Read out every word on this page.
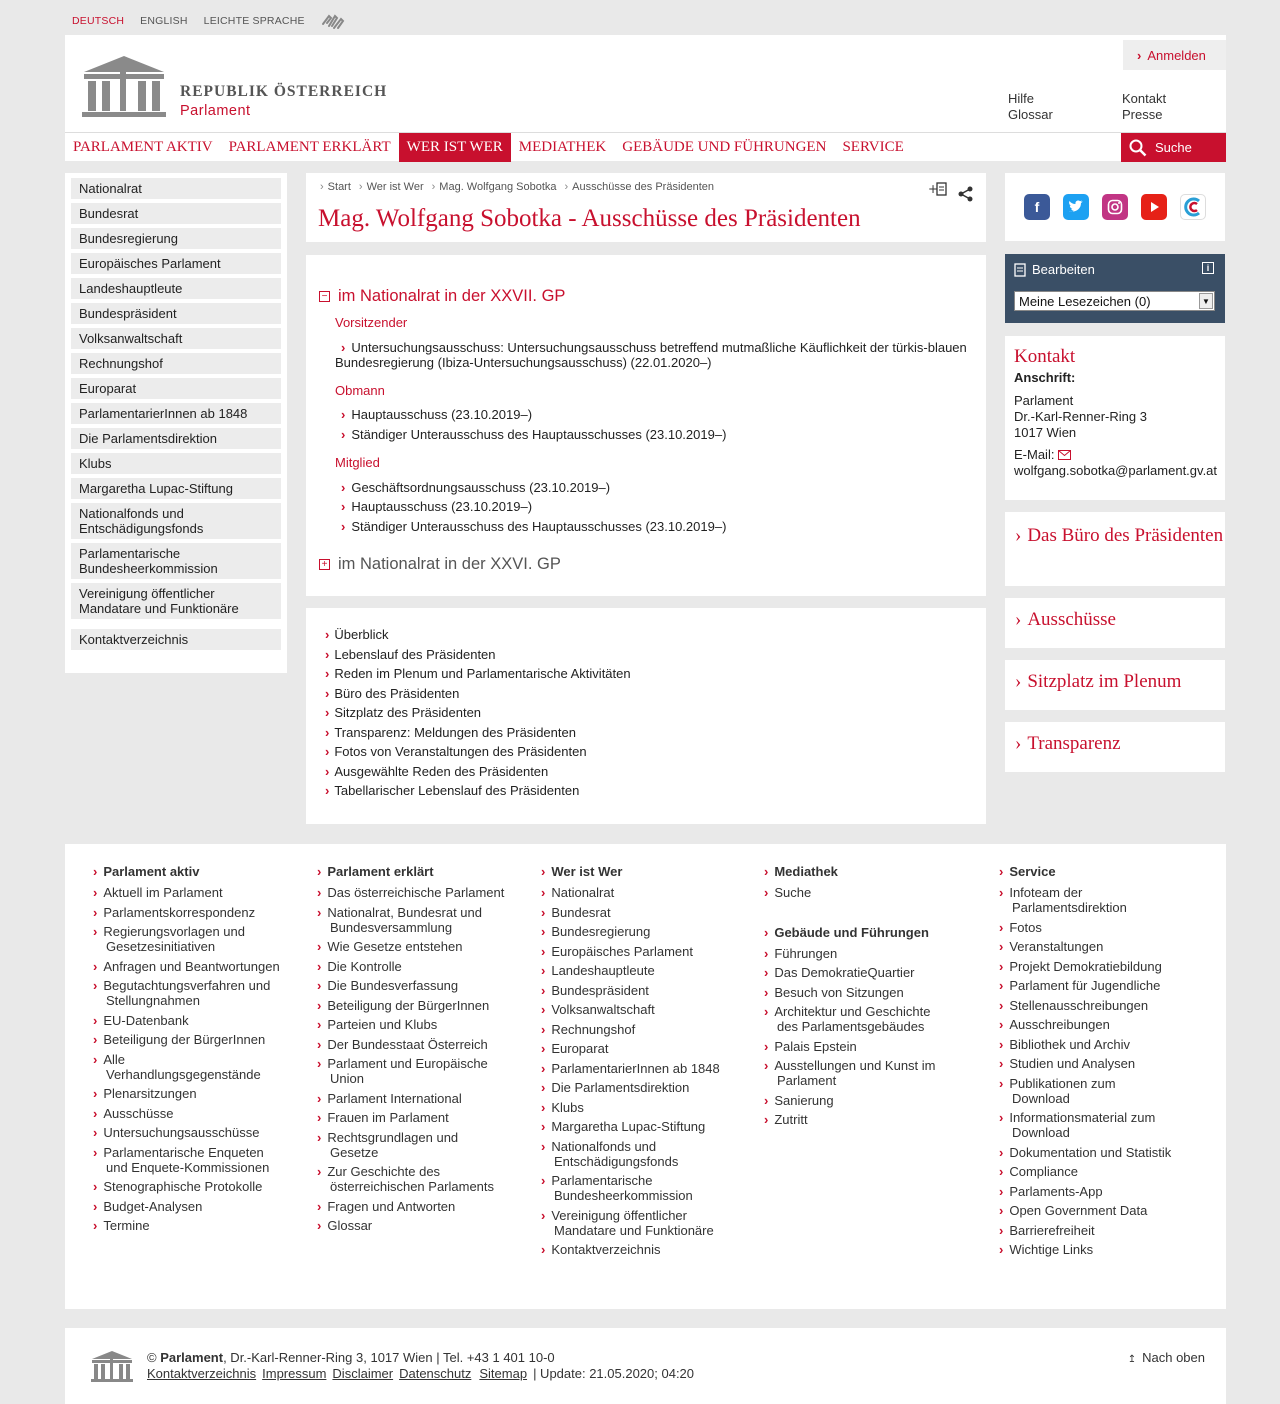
DEUTSCH ENGLISH LEICHTE SPRACHE
REPUBLIK ÖSTERREICH
Parlament
› Anmelden
Hilfe
Glossar
Kontakt
Presse
PARLAMENT AKTIV	PARLAMENT ERKLÄRT	WER IST WER	MEDIATHEK	GEBÄUDE UND FÜHRUNGEN	SERVICE	Suche
Nationalrat
Bundesrat
Bundesregierung
Europäisches Parlament
Landeshauptleute
Bundespräsident
Volksanwaltschaft
Rechnungshof
Europarat
ParlamentarierInnen ab 1848
Die Parlamentsdirektion
Klubs
Margaretha Lupac-Stiftung
Nationalfonds und Entschädigungsfonds
Parlamentarische Bundesheerkommission
Vereinigung öffentlicher Mandatare und Funktionäre
Kontaktverzeichnis
› Start	› Wer ist Wer	› Mag. Wolfgang Sobotka	› Ausschüsse des Präsidenten	+
Mag. Wolfgang Sobotka - Ausschüsse des Präsidenten
− im Nationalrat in der XXVII. GP
Vorsitzender
› Untersuchungsausschuss: Untersuchungsausschuss betreffend mutmaßliche Käuflichkeit der türkis-blauen Bundesregierung (Ibiza-Untersuchungsausschuss) (22.01.2020–)
Obmann
› Hauptausschuss (23.10.2019–)
› Ständiger Unterausschuss des Hauptausschusses (23.10.2019–)
Mitglied
› Geschäftsordnungsausschuss (23.10.2019–)
› Hauptausschuss (23.10.2019–)
› Ständiger Unterausschuss des Hauptausschusses (23.10.2019–)
+ im Nationalrat in der XXVI. GP
› Überblick
› Lebenslauf des Präsidenten
› Reden im Plenum und Parlamentarische Aktivitäten
› Büro des Präsidenten
› Sitzplatz des Präsidenten
› Transparenz: Meldungen des Präsidenten
› Fotos von Veranstaltungen des Präsidenten
› Ausgewählte Reden des Präsidenten
› Tabellarischer Lebenslauf des Präsidenten
f
Bearbeiten	i
Meine Lesezeichen (0)	▼
Kontakt
Anschrift:
Parlament
Dr.-Karl-Renner-Ring 3
1017 Wien
E-Mail:
wolfgang.sobotka@parlament.gv.at
› Das Büro des Präsidenten
› Ausschüsse
› Sitzplatz im Plenum
› Transparenz
› Parlament aktiv
› Aktuell im Parlament
› Parlamentskorrespondenz
› Regierungsvorlagen und Gesetzesinitiativen
› Anfragen und Beantwortungen
› Begutachtungsverfahren und Stellungnahmen
› EU-Datenbank
› Beteiligung der BürgerInnen
› Alle Verhandlungsgegenstände
› Plenarsitzungen
› Ausschüsse
› Untersuchungsausschüsse
› Parlamentarische Enqueten und Enquete-Kommissionen
› Stenographische Protokolle
› Budget-Analysen
› Termine
› Parlament erklärt
› Das österreichische Parlament
› Nationalrat, Bundesrat und Bundesversammlung
› Wie Gesetze entstehen
› Die Kontrolle
› Die Bundesverfassung
› Beteiligung der BürgerInnen
› Parteien und Klubs
› Der Bundesstaat Österreich
› Parlament und Europäische Union
› Parlament International
› Frauen im Parlament
› Rechtsgrundlagen und Gesetze
› Zur Geschichte des österreichischen Parlaments
› Fragen und Antworten
› Glossar
› Wer ist Wer
› Nationalrat
› Bundesrat
› Bundesregierung
› Europäisches Parlament
› Landeshauptleute
› Bundespräsident
› Volksanwaltschaft
› Rechnungshof
› Europarat
› ParlamentarierInnen ab 1848
› Die Parlamentsdirektion
› Klubs
› Margaretha Lupac-Stiftung
› Nationalfonds und Entschädigungsfonds
› Parlamentarische Bundesheerkommission
› Vereinigung öffentlicher Mandatare und Funktionäre
› Kontaktverzeichnis
› Mediathek
› Suche
› Gebäude und Führungen
› Führungen
› Das DemokratieQuartier
› Besuch von Sitzungen
› Architektur und Geschichte des Parlamentsgebäudes
› Palais Epstein
› Ausstellungen und Kunst im Parlament
› Sanierung
› Zutritt
› Service
› Infoteam der Parlamentsdirektion
› Fotos
› Veranstaltungen
› Projekt Demokratiebildung
› Parlament für Jugendliche
› Stellenausschreibungen
› Ausschreibungen
› Bibliothek und Archiv
› Studien und Analysen
› Publikationen zum Download
› Informationsmaterial zum Download
› Dokumentation und Statistik
› Compliance
› Parlaments-App
› Open Government Data
› Barrierefreiheit
› Wichtige Links
© Parlament, Dr.-Karl-Renner-Ring 3, 1017 Wien | Tel. +43 1 401 10-0
Kontaktverzeichnis Impressum Disclaimer Datenschutz Sitemap | Update: 21.05.2020; 04:20
↥ Nach oben
